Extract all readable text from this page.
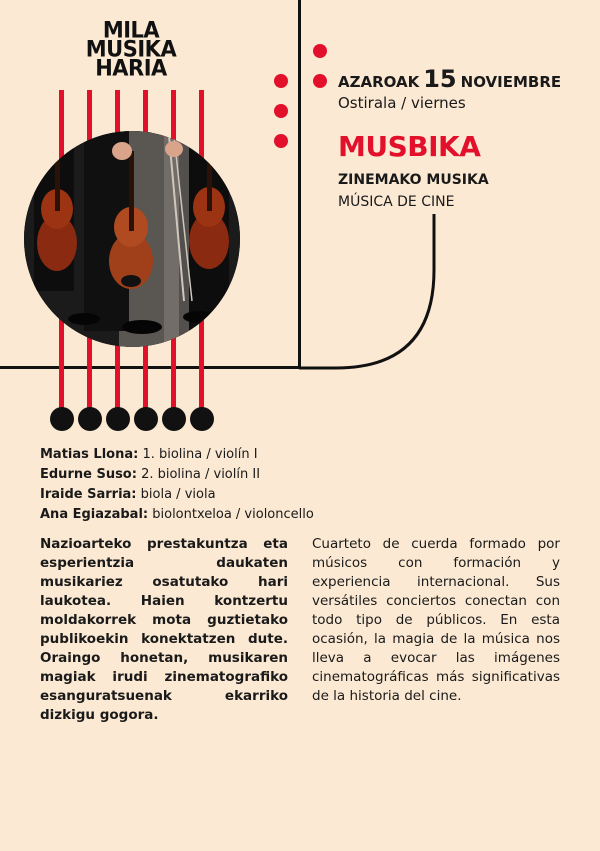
MILA
MUSIKA
HARIA
AZAROAK 15 NOVIEMBRE
Ostirala / viernes
MUSBIKA
ZINEMAKO MUSIKA
MÚSICA DE CINE
Matias Llona: 1. biolina / violín I
Edurne Suso: 2. biolina / violín II
Iraide Sarria: biola / viola
Ana Egiazabal: biolontxeloa / violoncello
Nazioarteko prestakuntza eta esperientzia daukaten musikariez osatutako hari laukotea. Haien kontzertu moldakorrek mota guztietako publikoekin konektatzen dute. Oraingo honetan, musikaren magiak irudi zinematografiko esanguratsuenak ekarriko dizkigu gogora.
Cuarteto de cuerda formado por músicos con formación y experiencia internacional. Sus versátiles conciertos conectan con todo tipo de públicos. En esta ocasión, la magia de la música nos lleva a evocar las imágenes cinematográficas más significativas de la historia del cine.
